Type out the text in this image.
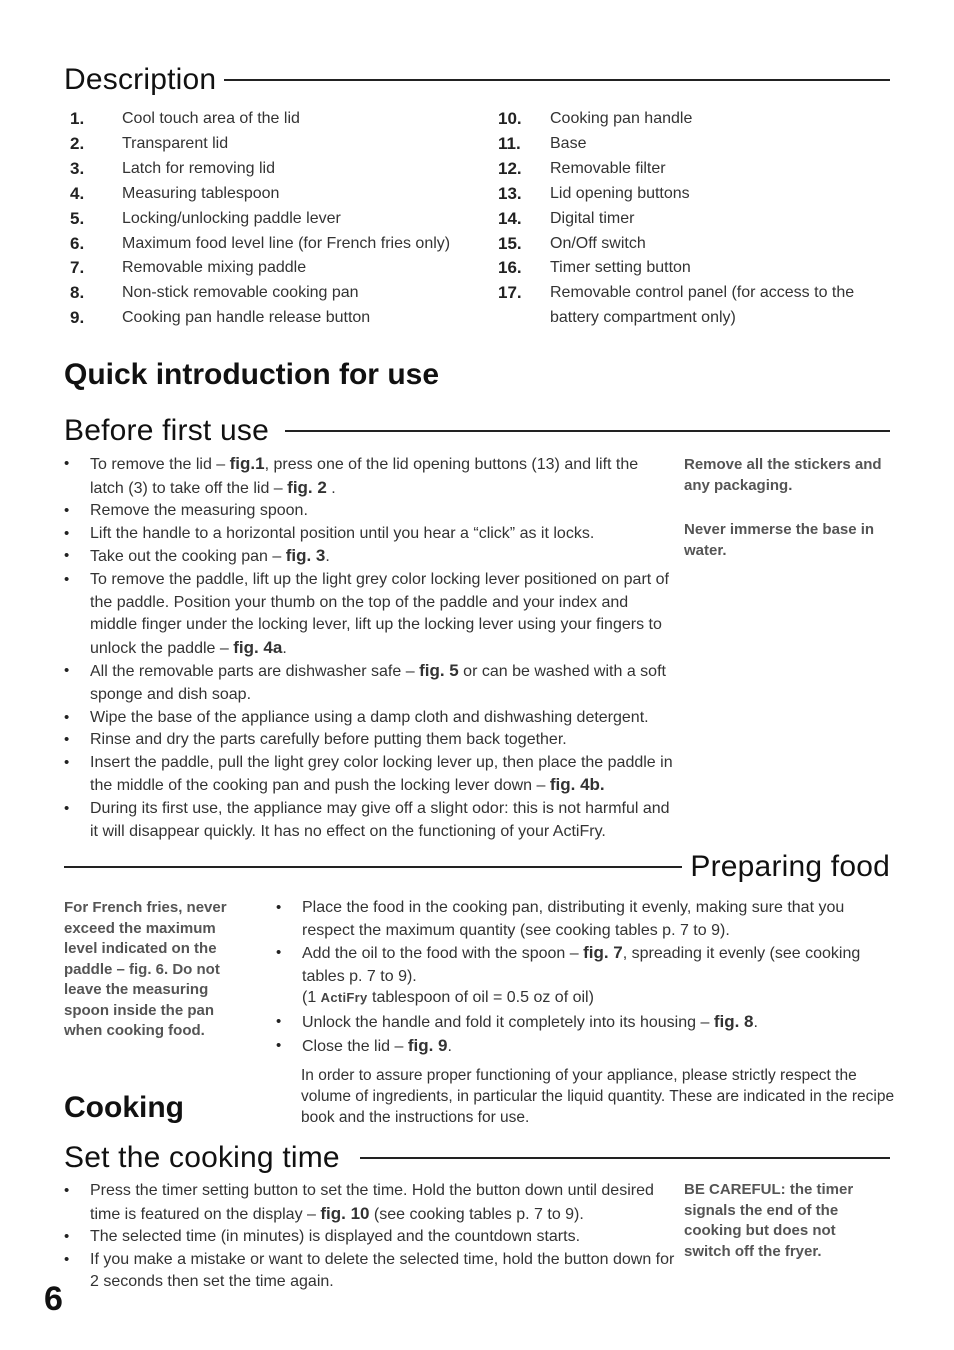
Description
1.	Cool touch area of the lid
2.	Transparent lid
3.	Latch for removing lid
4.	Measuring tablespoon
5.	Locking/unlocking paddle lever
6.	Maximum food level line (for French fries only)
7.	Removable mixing paddle
8.	Non-stick removable cooking pan
9.	Cooking pan handle release button
10.	Cooking pan handle
11.	Base
12.	Removable filter
13.	Lid opening buttons
14.	Digital timer
15.	On/Off switch
16.	Timer setting button
17.	Removable control panel (for access to the battery compartment only)
Quick introduction for use
Before first use
• To remove the lid – fig.1, press one of the lid opening buttons (13) and lift the latch (3) to take off the lid – fig. 2 .
• Remove the measuring spoon.
• Lift the handle to a horizontal position until you hear a “click” as it locks.
• Take out the cooking pan – fig. 3.
• To remove the paddle, lift up the light grey color locking lever positioned on part of the paddle. Position your thumb on the top of the paddle and your index and middle finger under the locking lever, lift up the locking lever using your fingers to unlock the paddle – fig. 4a.
• All the removable parts are dishwasher safe – fig. 5 or can be washed with a soft sponge and dish soap.
• Wipe the base of the appliance using a damp cloth and dishwashing detergent.
• Rinse and dry the parts carefully before putting them back together.
• Insert the paddle, pull the light grey color locking lever up, then place the paddle in the middle of the cooking pan and push the locking lever down – fig. 4b.
• During its first use, the appliance may give off a slight odor: this is not harmful and it will disappear quickly. It has no effect on the functioning of your ActiFry.
Remove all the stickers and any packaging.
Never immerse the base in water.
Preparing food
For French fries, never exceed the maximum level indicated on the paddle – fig. 6. Do not leave the measuring spoon inside the pan when cooking food.
• Place the food in the cooking pan, distributing it evenly, making sure that you respect the maximum quantity (see cooking tables p. 7 to 9).
• Add the oil to the food with the spoon – fig. 7, spreading it evenly (see cooking tables p. 7 to 9).
• Unlock the handle and fold it completely into its housing – fig. 8.
• Close the lid – fig. 9.
(1 ActiFry tablespoon of oil = 0.5 oz of oil)
In order to assure proper functioning of your appliance, please strictly respect the volume of ingredients, in particular the liquid quantity. These are indicated in the recipe book and the instructions for use.
Cooking
Set the cooking time
• Press the timer setting button to set the time. Hold the button down until desired time is featured on the display – fig. 10 (see cooking tables p. 7 to 9).
• The selected time (in minutes) is displayed and the countdown starts.
• If you make a mistake or want to delete the selected time, hold the button down for 2 seconds then set the time again.
BE CAREFUL: the timer signals the end of the cooking but does not switch off the fryer.
6
